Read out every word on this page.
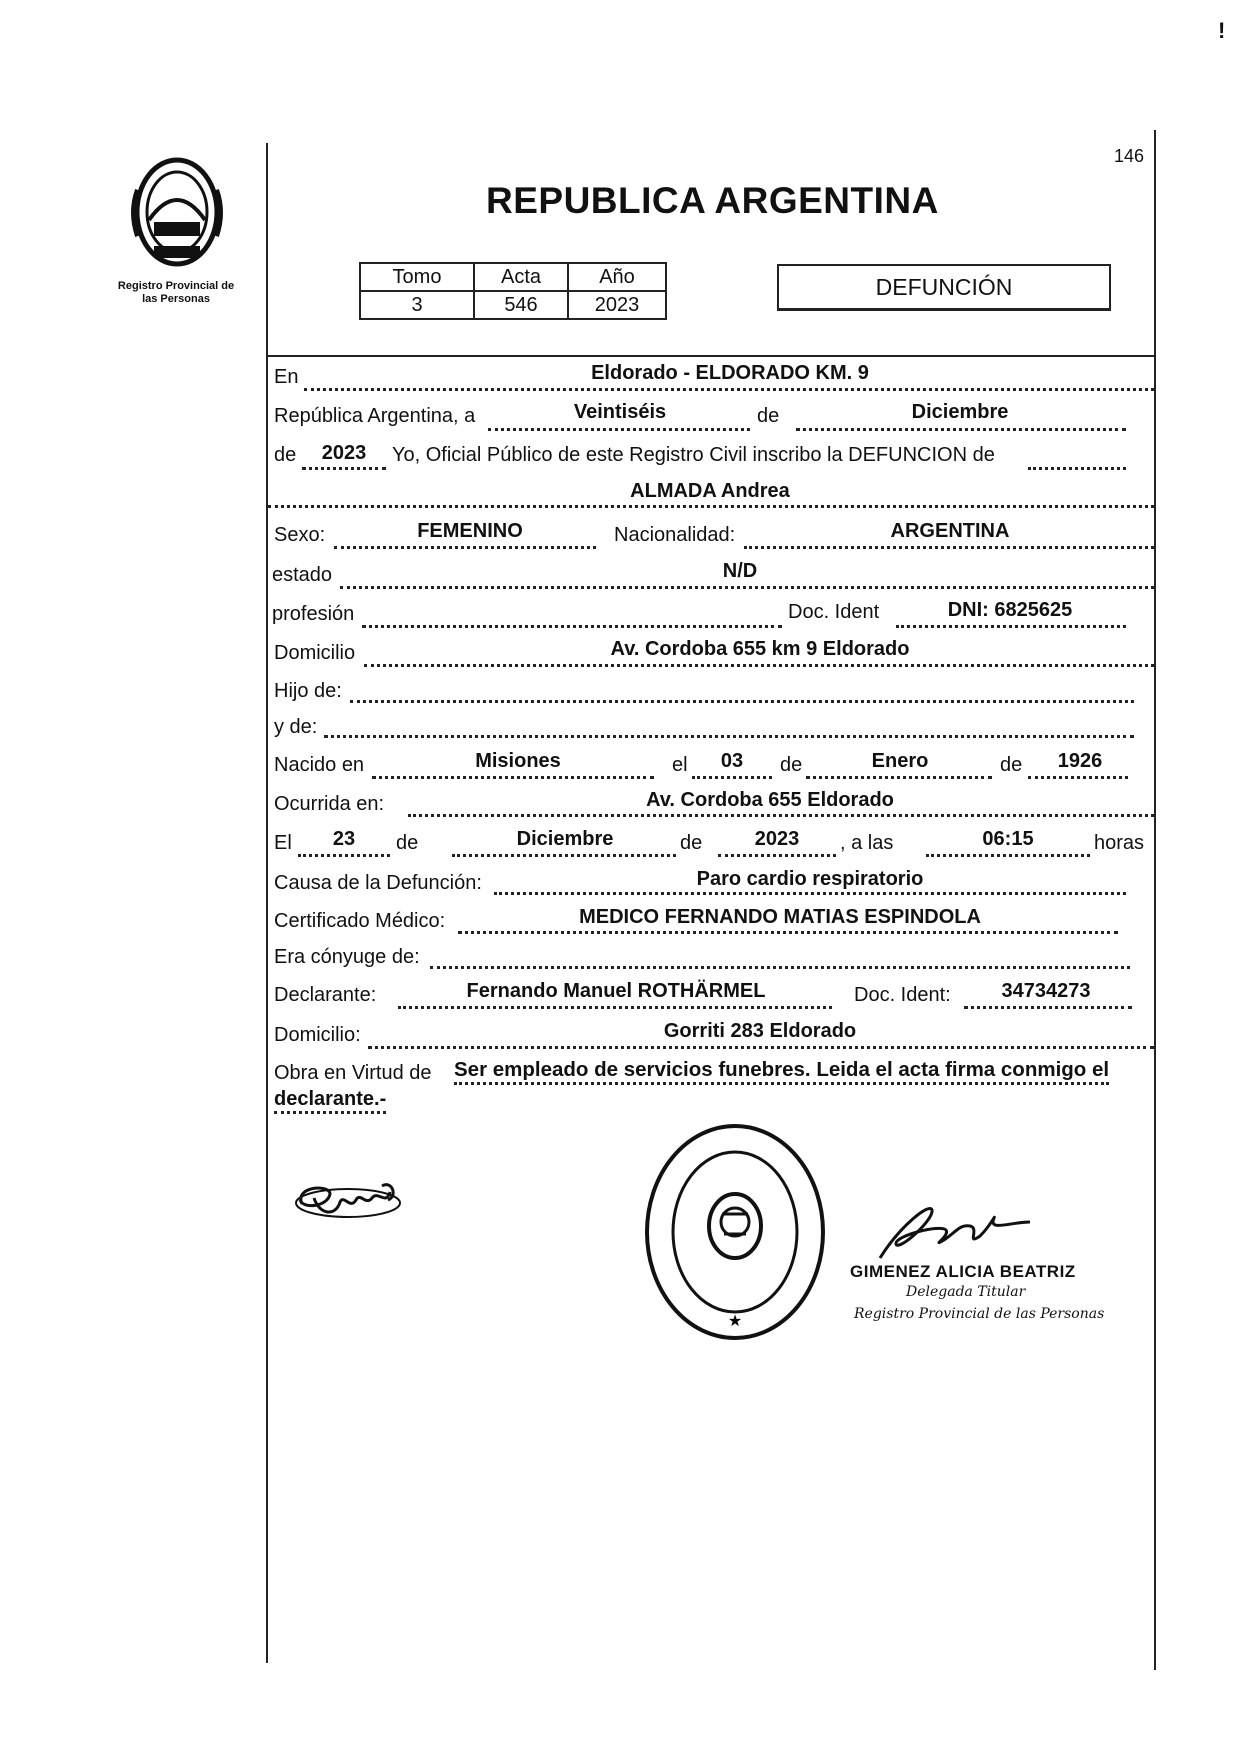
!
146
Registro Provincial de
las Personas
REPUBLICA ARGENTINA
Tomo	Acta	Año
3	546	2023
DEFUNCIÓN
En	Eldorado - ELDORADO KM. 9
República Argentina, a	Veintiséis	de	Diciembre
de	2023	Yo, Oficial Público de este Registro Civil inscribo la DEFUNCION de
ALMADA Andrea
Sexo:	FEMENINO	Nacionalidad:	ARGENTINA
estado	N/D
profesión	Doc. Ident	DNI: 6825625
Domicilio	Av. Cordoba 655 km 9 Eldorado
Hijo de:
y de:
Nacido en	Misiones	el	03	de	Enero	de	1926
Ocurrida en:	Av. Cordoba 655 Eldorado
El	23	de	Diciembre	de	2023	, a las	06:15	horas
Causa de la Defunción:	Paro cardio respiratorio
Certificado Médico:	MEDICO FERNANDO MATIAS ESPINDOLA
Era cónyuge de:
Declarante:	Fernando Manuel ROTHÄRMEL	Doc. Ident:	34734273
Domicilio:	Gorriti 283 Eldorado
Obra en Virtud de Ser empleado de servicios funebres. Leida el acta firma conmigo el
declarante.-
★
GIMENEZ ALICIA BEATRIZ
Delegada Titular
Registro Provincial de las Personas
